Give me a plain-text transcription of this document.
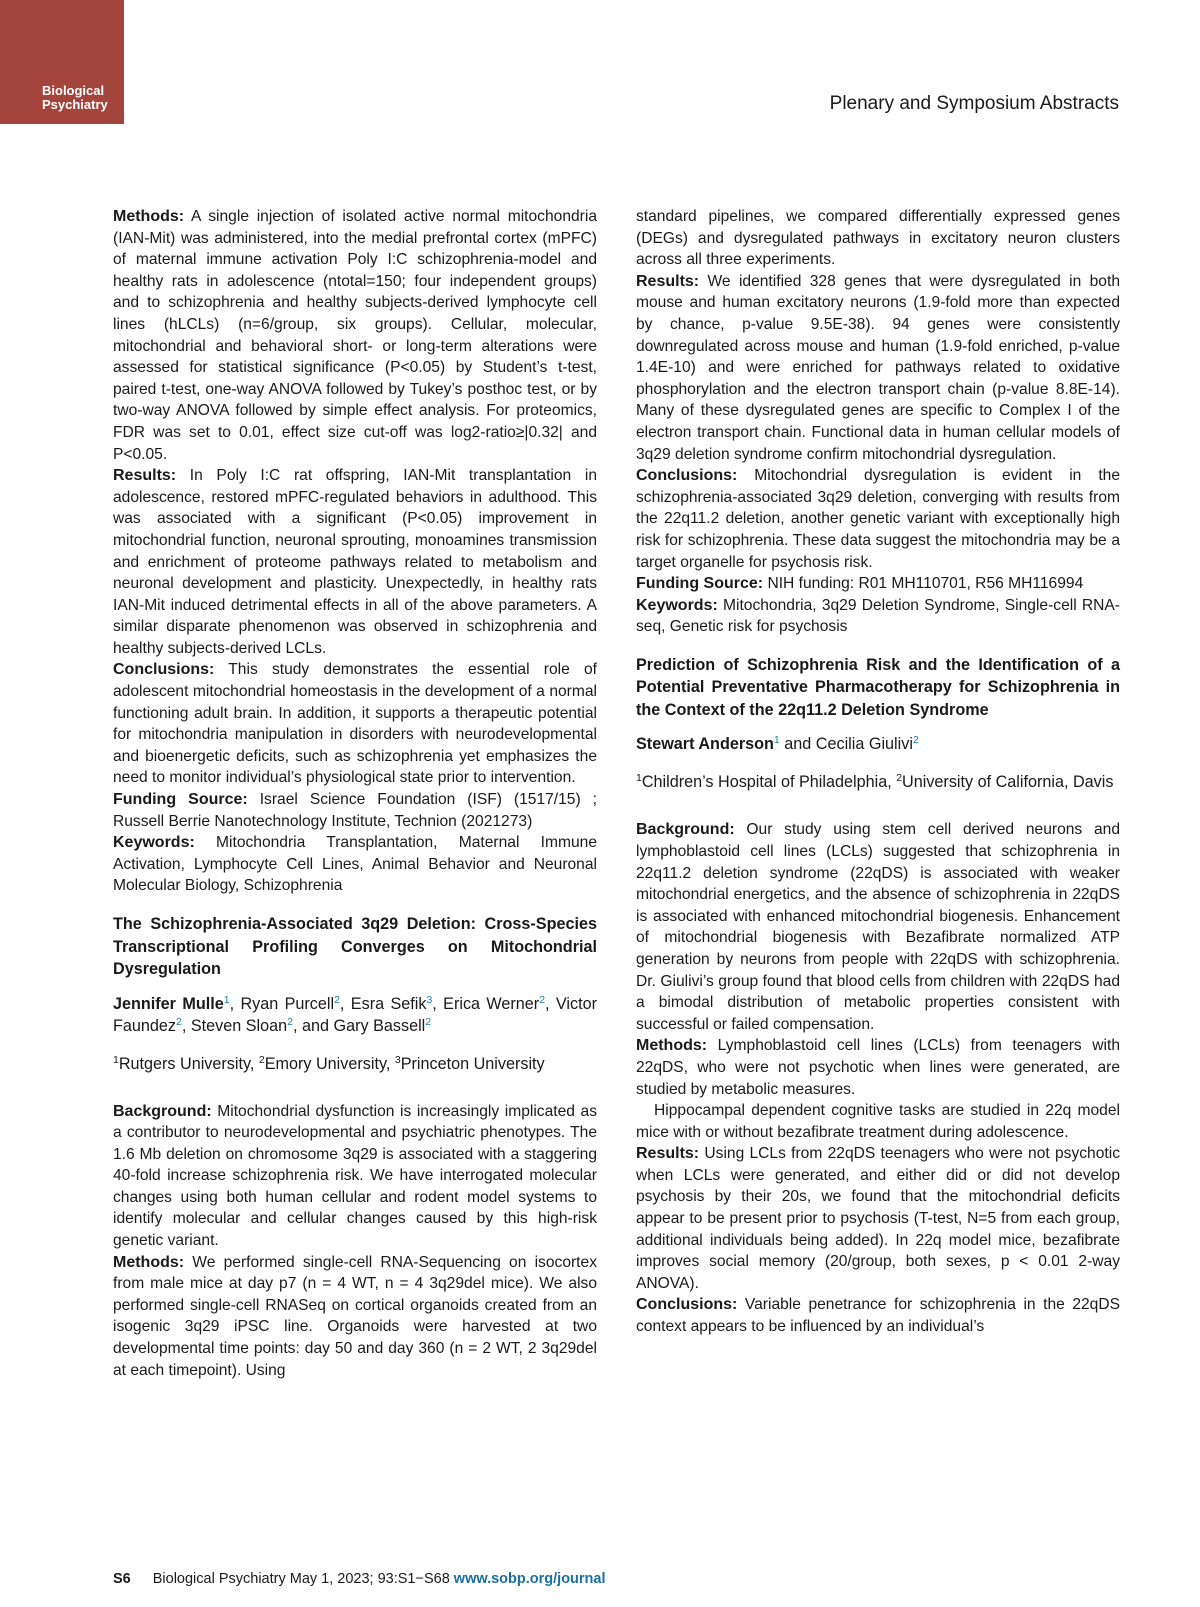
Biological
Psychiatry	Plenary and Symposium Abstracts

Methods: A single injection of isolated active normal mitochondria (IAN-Mit) was administered, into the medial prefrontal cortex (mPFC) of maternal immune activation Poly I:C schizophrenia-model and healthy rats in adolescence (ntotal=150; four independent groups) and to schizophrenia and healthy subjects-derived lymphocyte cell lines (hLCLs) (n=6/group, six groups). Cellular, molecular, mitochondrial and behavioral short- or long-term alterations were assessed for statistical significance (P<0.05) by Student’s t-test, paired t-test, one-way ANOVA followed by Tukey’s posthoc test, or by two-way ANOVA followed by simple effect analysis. For proteomics, FDR was set to 0.01, effect size cut-off was log2-ratio≥|0.32| and P<0.05.

Results: In Poly I:C rat offspring, IAN-Mit transplantation in adolescence, restored mPFC-regulated behaviors in adulthood. This was associated with a significant (P<0.05) improvement in mitochondrial function, neuronal sprouting, monoamines transmission and enrichment of proteome pathways related to metabolism and neuronal development and plasticity. Unexpectedly, in healthy rats IAN-Mit induced detrimental effects in all of the above parameters. A similar disparate phenomenon was observed in schizophrenia and healthy subjects-derived LCLs.

Conclusions: This study demonstrates the essential role of adolescent mitochondrial homeostasis in the development of a normal functioning adult brain. In addition, it supports a therapeutic potential for mitochondria manipulation in disorders with neurodevelopmental and bioenergetic deficits, such as schizophrenia yet emphasizes the need to monitor individual’s physiological state prior to intervention.

Funding Source: Israel Science Foundation (ISF) (1517/15) ; Russell Berrie Nanotechnology Institute, Technion (2021273)

Keywords: Mitochondria Transplantation, Maternal Immune Activation, Lymphocyte Cell Lines, Animal Behavior and Neuronal Molecular Biology, Schizophrenia

The Schizophrenia-Associated 3q29 Deletion: Cross-Species Transcriptional Profiling Converges on Mitochondrial Dysregulation

Jennifer Mulle$^1$, Ryan Purcell$^2$, Esra Sefik$^3$, Erica Werner$^2$, Victor Faundez$^2$, Steven Sloan$^2$, and Gary Bassell$^2$

$^1$Rutgers University, $^2$Emory University, $^3$Princeton University

Background: Mitochondrial dysfunction is increasingly implicated as a contributor to neurodevelopmental and psychiatric phenotypes. The 1.6 Mb deletion on chromosome 3q29 is associated with a staggering 40-fold increase schizophrenia risk. We have interrogated molecular changes using both human cellular and rodent model systems to identify molecular and cellular changes caused by this high-risk genetic variant.

Methods: We performed single-cell RNA-Sequencing on isocortex from male mice at day p7 (n = 4 WT, n = 4 3q29del mice). We also performed single-cell RNASeq on cortical organoids created from an isogenic 3q29 iPSC line. Organoids were harvested at two developmental time points: day 50 and day 360 (n = 2 WT, 2 3q29del at each timepoint). Using

standard pipelines, we compared differentially expressed genes (DEGs) and dysregulated pathways in excitatory neuron clusters across all three experiments.

Results: We identified 328 genes that were dysregulated in both mouse and human excitatory neurons (1.9-fold more than expected by chance, p-value 9.5E-38). 94 genes were consistently downregulated across mouse and human (1.9-fold enriched, p-value 1.4E-10) and were enriched for pathways related to oxidative phosphorylation and the electron transport chain (p-value 8.8E-14). Many of these dysregulated genes are specific to Complex I of the electron transport chain. Functional data in human cellular models of 3q29 deletion syndrome confirm mitochondrial dysregulation.

Conclusions: Mitochondrial dysregulation is evident in the schizophrenia-associated 3q29 deletion, converging with results from the 22q11.2 deletion, another genetic variant with exceptionally high risk for schizophrenia. These data suggest the mitochondria may be a target organelle for psychosis risk.

Funding Source: NIH funding: R01 MH110701, R56 MH116994

Keywords: Mitochondria, 3q29 Deletion Syndrome, Single-cell RNA-seq, Genetic risk for psychosis

Prediction of Schizophrenia Risk and the Identification of a Potential Preventative Pharmacotherapy for Schizophrenia in the Context of the 22q11.2 Deletion Syndrome

Stewart Anderson$^1$ and Cecilia Giulivi$^2$

$^1$Children’s Hospital of Philadelphia, $^2$University of California, Davis

Background: Our study using stem cell derived neurons and lymphoblastoid cell lines (LCLs) suggested that schizophrenia in 22q11.2 deletion syndrome (22qDS) is associated with weaker mitochondrial energetics, and the absence of schizophrenia in 22qDS is associated with enhanced mitochondrial biogenesis. Enhancement of mitochondrial biogenesis with Bezafibrate normalized ATP generation by neurons from people with 22qDS with schizophrenia. Dr. Giulivi’s group found that blood cells from children with 22qDS had a bimodal distribution of metabolic properties consistent with successful or failed compensation.

Methods: Lymphoblastoid cell lines (LCLs) from teenagers with 22qDS, who were not psychotic when lines were generated, are studied by metabolic measures.

Hippocampal dependent cognitive tasks are studied in 22q model mice with or without bezafibrate treatment during adolescence.

Results: Using LCLs from 22qDS teenagers who were not psychotic when LCLs were generated, and either did or did not develop psychosis by their 20s, we found that the mitochondrial deficits appear to be present prior to psychosis (T-test, N=5 from each group, additional individuals being added). In 22q model mice, bezafibrate improves social memory (20/group, both sexes, p < 0.01 2-way ANOVA).

Conclusions: Variable penetrance for schizophrenia in the 22qDS context appears to be influenced by an individual’s

S6 Biological Psychiatry May 1, 2023; 93:S1−S68 www.sobp.org/journal
